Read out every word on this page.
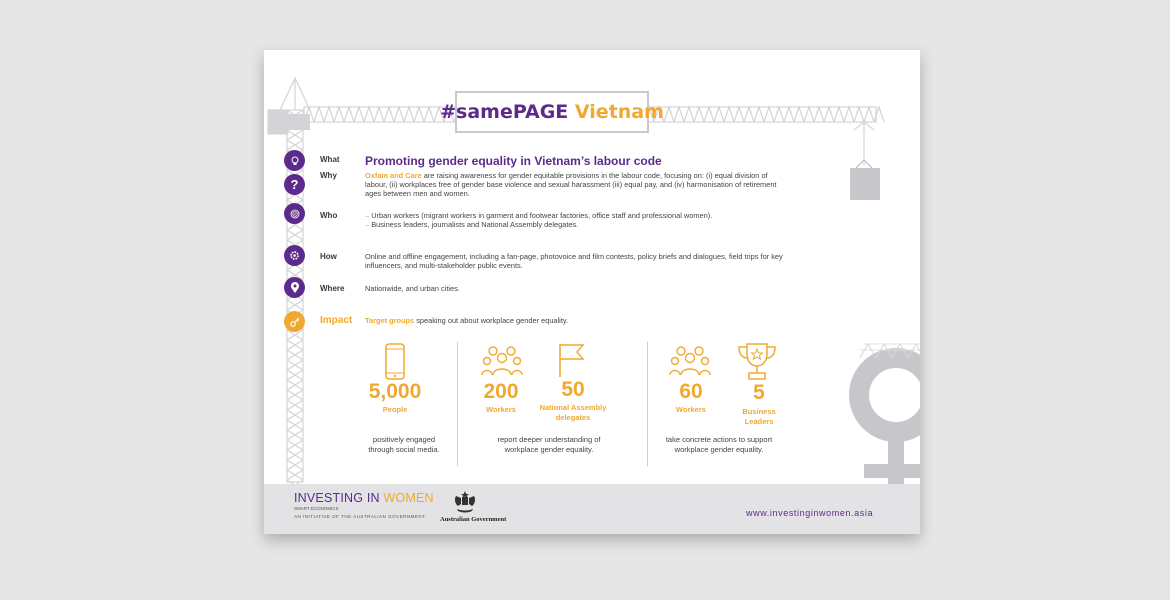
#samePAGE
Vietnam
What Promoting gender equality in Vietnam’s labour code
?
Why	Oxfam and Care are raising awareness for gender equitable provisions in the labour code, focusing on: (i) equal division of labour, (ii) workplaces free of gender base violence and sexual harassment (iii) equal pay, and (iv) harmonisation of retirement ages between men and women.
Who	– Urban workers (migrant workers in garment and footwear factories, office staff and professional women).
– Business leaders, journalists and National Assembly delegates.
How	Online and offline engagement, including a fan-page, photovoice and film contests, policy briefs and dialogues, field trips for key influencers, and multi-stakeholder public events.
Where	Nationwide, and urban cities.
Impact Target groups speaking out about workplace gender equality.
5,000
People
positively engaged
through social media.
200
Workers
50
National Assembly
delegates
report deeper understanding of
workplace gender equality.
60
Workers
5
Business
Leaders
take concrete actions to support
workplace gender equality.
INVESTING IN WOMEN
SMART ECONOMICS
AN INITIATIVE OF THE AUSTRALIAN GOVERNMENT Australian Government
www.investinginwomen.asia
